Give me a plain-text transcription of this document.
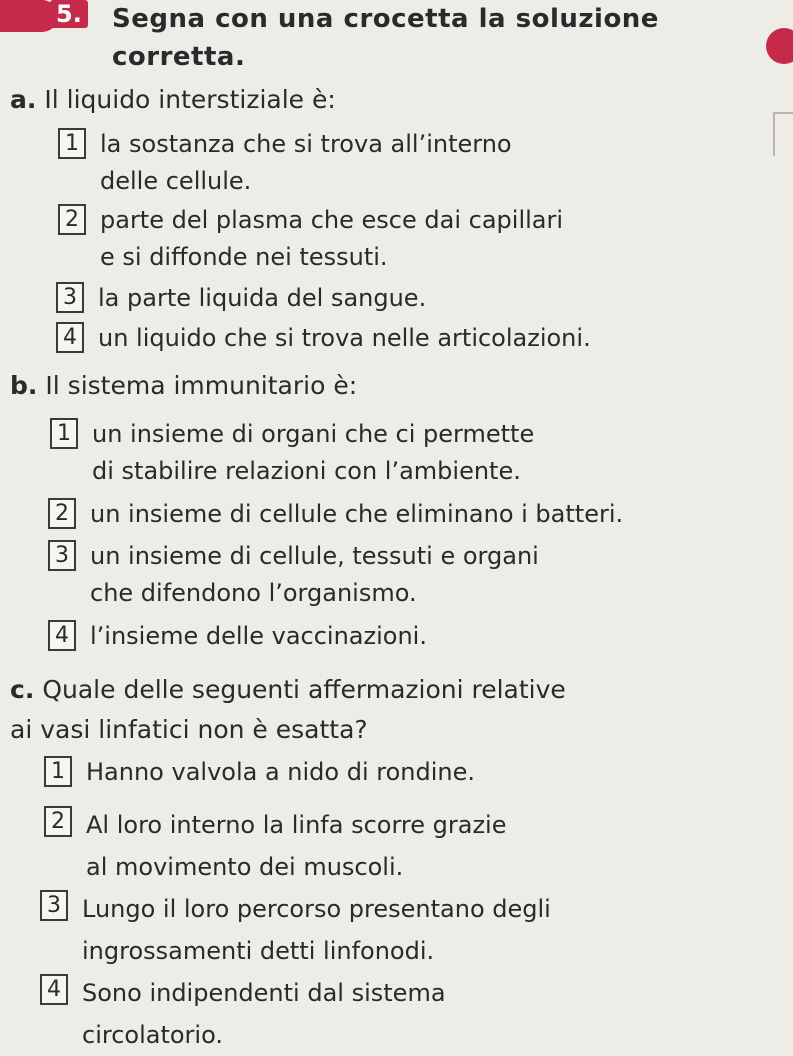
5. Segna con una crocetta la soluzione
corretta.
a. Il liquido interstiziale è:
1 la sostanza che si trova all’interno
delle cellule.
2 parte del plasma che esce dai capillari
e si diffonde nei tessuti.
3 la parte liquida del sangue.
4 un liquido che si trova nelle articolazioni.
b. Il sistema immunitario è:
1 un insieme di organi che ci permette
di stabilire relazioni con l’ambiente.
2 un insieme di cellule che eliminano i batteri.
3 un insieme di cellule, tessuti e organi
che difendono l’organismo.
4 l’insieme delle vaccinazioni.
c. Quale delle seguenti affermazioni relative
ai vasi linfatici non è esatta?
1 Hanno valvola a nido di rondine.
2 Al loro interno la linfa scorre grazie
al movimento dei muscoli.
3 Lungo il loro percorso presentano degli
ingrossamenti detti linfonodi.
4 Sono indipendenti dal sistema
circolatorio.
